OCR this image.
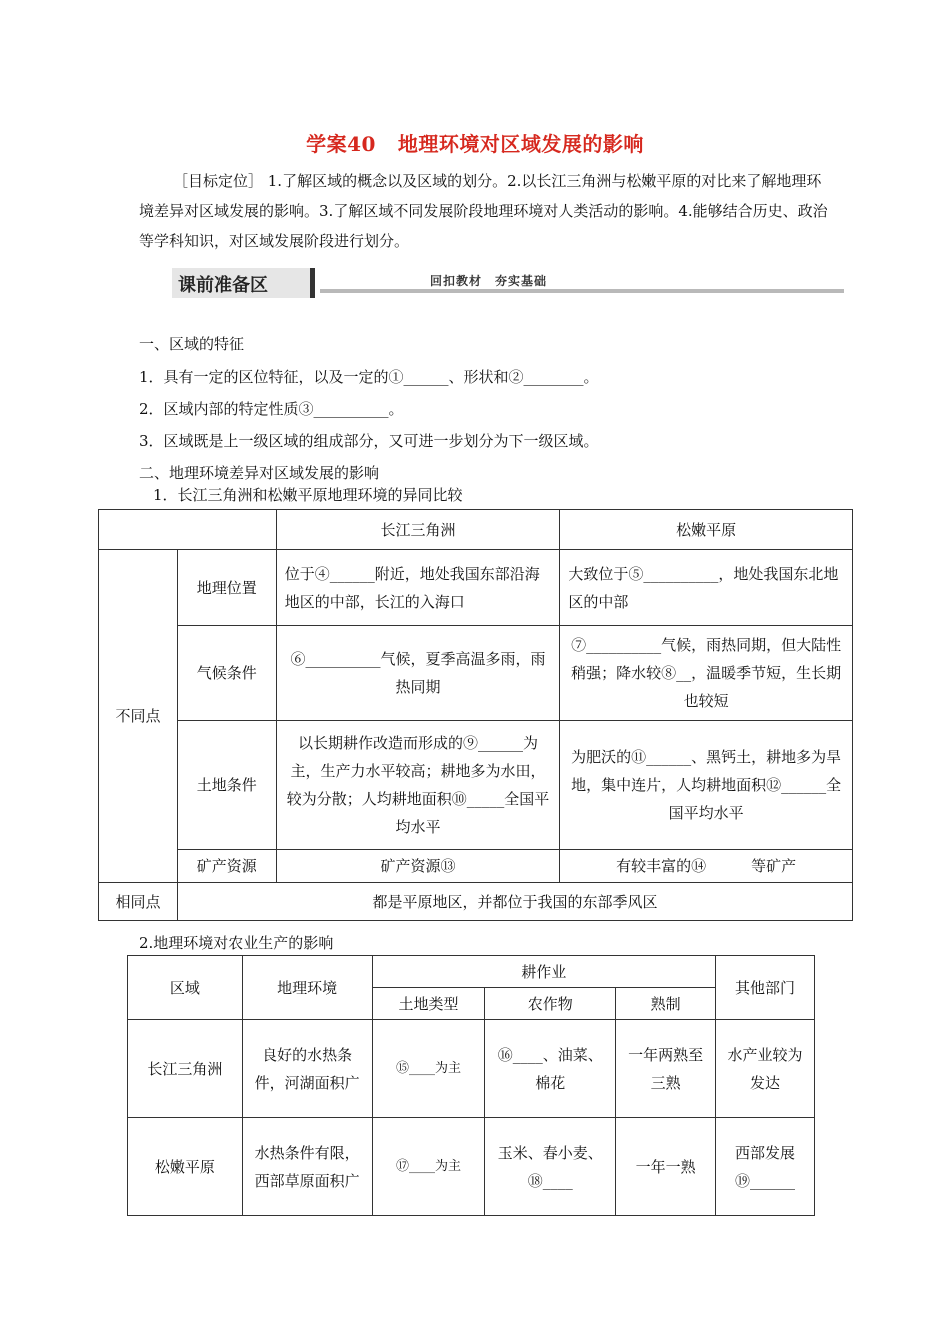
学案40 地理环境对区域发展的影响
［目标定位］ 1.了解区域的概念以及区域的划分。2.以长江三角洲与松嫩平原的对比来了解地理环境差异对区域发展的影响。3.了解区域不同发展阶段地理环境对人类活动的影响。4.能够结合历史、政治等学科知识，对区域发展阶段进行划分。
课前准备区	回扣教材　夯实基础
一、区域的特征
1．具有一定的区位特征，以及一定的①______、形状和②________。
2．区域内部的特定性质③__________。
3．区域既是上一级区域的组成部分，又可进一步划分为下一级区域。
二、地理环境差异对区域发展的影响
1．长江三角洲和松嫩平原地理环境的异同比较
		长江三角洲	松嫩平原
不同点	地理位置	位于④______附近，地处我国东部沿海地区的中部，长江的入海口	大致位于⑤__________，地处我国东北地区的中部
	气候条件	⑥__________气候，夏季高温多雨，雨热同期	⑦__________气候，雨热同期，但大陆性稍强；降水较⑧__，温暖季节短，生长期也较短
	土地条件	以长期耕作改造而形成的⑨______为主，生产力水平较高；耕地多为水田，较为分散；人均耕地面积⑩_____全国平均水平	为肥沃的⑪______、黑钙土，耕地多为旱地，集中连片，人均耕地面积⑫______全国平均水平
	矿产资源	矿产资源⑬	有较丰富的⑭　　　等矿产
相同点	都是平原地区，并都位于我国的东部季风区		
2.地理环境对农业生产的影响
区域	地理环境	耕作业			其他部门
		土地类型	农作物	熟制	
长江三角洲	良好的水热条件，河湖面积广	⑮____为主	⑯____、油菜、棉花	一年两熟至三熟	水产业较为发达
松嫩平原	水热条件有限，西部草原面积广	⑰____为主	玉米、春小麦、⑱____	一年一熟	西部发展⑲______
